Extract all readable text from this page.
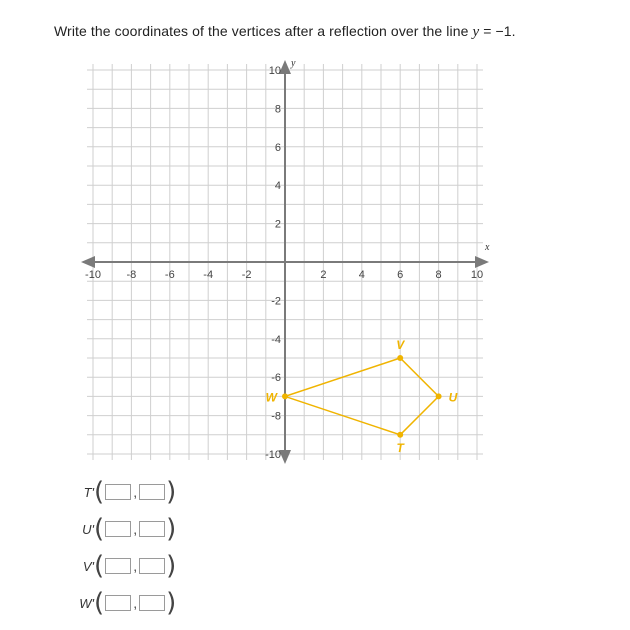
Write the coordinates of the vertices after a reflection over the line y = −1.
x
y
-10 -8	-6	-4	-2	2	4	6	8	10
10
8
6
4
2
-2
-4
-6
-8
-10
T
U
V
W
T' ( , )
U' ( , )
V' ( , )
W' ( , )
